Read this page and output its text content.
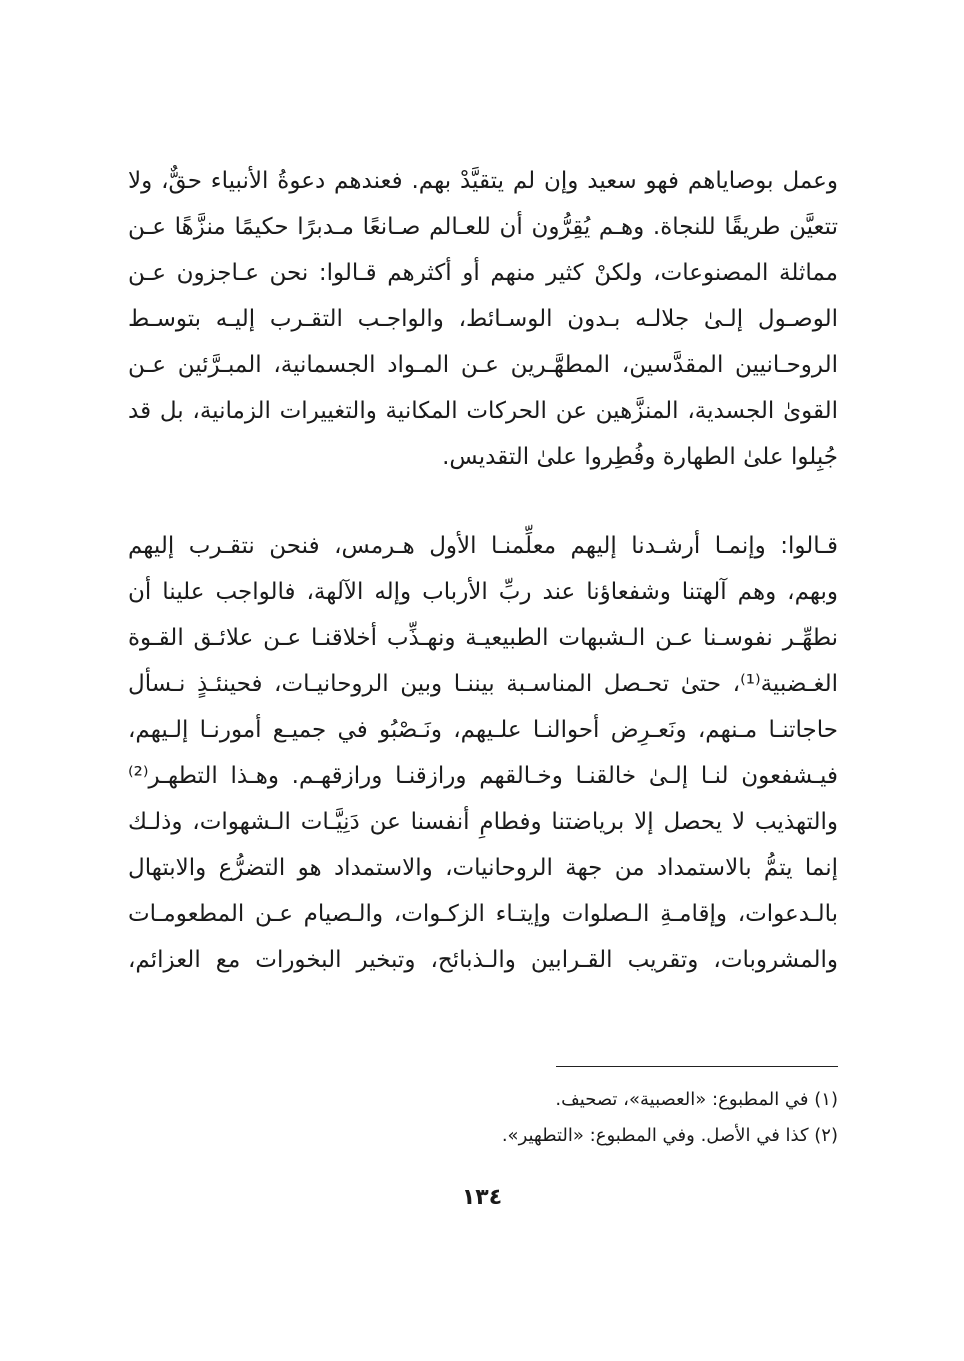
وعمل بوصاياهم فهو سعيد وإن لم يتقيَّدْ بهم. فعندهم دعوةُ الأنبياء حقٌّ، ولا
تتعيَّن طريقًا للنجاة. وهـم يُقِرُّون أن للعـالم صـانعًا مـدبرًا حكيمًا منزَّهًا عـن
مماثلة المصنوعات، ولكنْ كثير منهم أو أكثرهم قـالوا: نحن عـاجزون عـن
الوصـول إلـىٰ جلالـه بـدون الوسـائط، والواجـب التقـرب إليـه بتوسـط
الروحـانيين المقدَّسين، المطهَّـرين عـن المـواد الجسمانية، المبـرَّئين عـن
القوىٰ الجسدية، المنزَّهين عن الحركات المكانية والتغييرات الزمانية، بل قد
جُبِلوا علىٰ الطهارة وفُطِروا علىٰ التقديس.
قـالوا: وإنمـا أرشـدنا إليهم معلِّمنـا الأول هـرمس، فنحن نتقـرب إليهم
وبهم، وهم آلهتنا وشفعاؤنا عند ربِّ الأرباب وإله الآلهة، فالواجب علينا أن
نطهِّـر نفوسـنا عـن الـشبهات الطبيعيـة ونهـذِّب أخلاقنـا عـن علائـق القـوة
الغـضبية⁽¹⁾، حتىٰ تحـصل المناسـبة بيننـا وبين الروحانيـات، فحينئـذٍ نـسأل
حاجاتنـا مـنهم، ونَعـرِض أحوالنـا علـيهم، ونَـصْبُو في جميـع أمورنـا إلـيهم،
فيـشفعون لنـا إلـىٰ خالقنـا وخـالقهم ورازقنـا ورازقهـم. وهـذا التطهـر⁽²⁾
والتهذيب لا يحصل إلا برياضتنا وفطامِ أنفسنا عن دَنِيَّـات الـشهوات، وذلـك
إنما يتمُّ بالاستمداد من جهة الروحانيات، والاستمداد هو التضرُّع والابتهال
بالـدعوات، وإقامـةِ الـصلوات وإيتـاء الزكـوات، والـصيام عـن المطعومـات
والمشروبات، وتقريب القـرابين والـذبائح، وتبخير البخورات مع العزائم،
(١) في المطبوع: «العصبية»، تصحيف.
(٢) كذا في الأصل. وفي المطبوع: «التطهير».
١٣٤
